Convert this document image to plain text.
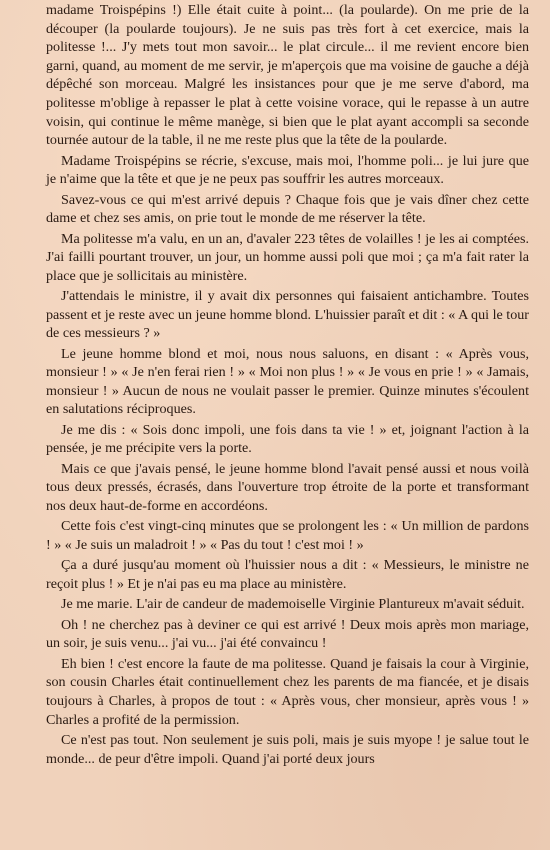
madame Troispépins !) Elle était cuite à point... (la poularde). On me prie de la découper (la poularde toujours). Je ne suis pas très fort à cet exercice, mais la politesse !... J'y mets tout mon savoir... le plat circule... il me revient encore bien garni, quand, au moment de me servir, je m'aperçois que ma voisine de gauche a déjà dépêché son morceau. Malgré les insistances pour que je me serve d'abord, ma politesse m'oblige à repasser le plat à cette voisine vorace, qui le repasse à un autre voisin, qui continue le même manège, si bien que le plat ayant accompli sa seconde tournée autour de la table, il ne me reste plus que la tête de la poularde.

Madame Troispépins se récrie, s'excuse, mais moi, l'homme poli... je lui jure que je n'aime que la tête et que je ne peux pas souffrir les autres morceaux.

Savez-vous ce qui m'est arrivé depuis ? Chaque fois que je vais dîner chez cette dame et chez ses amis, on prie tout le monde de me réserver la tête.

Ma politesse m'a valu, en un an, d'avaler 223 têtes de volailles ! je les ai comptées. J'ai failli pourtant trouver, un jour, un homme aussi poli que moi ; ça m'a fait rater la place que je sollicitais au ministère.

J'attendais le ministre, il y avait dix personnes qui faisaient antichambre. Toutes passent et je reste avec un jeune homme blond. L'huissier paraît et dit : « A qui le tour de ces messieurs ? »

Le jeune homme blond et moi, nous nous saluons, en disant : « Après vous, monsieur ! » « Je n'en ferai rien ! » « Moi non plus ! » « Je vous en prie ! » « Jamais, monsieur ! » Aucun de nous ne voulait passer le premier. Quinze minutes s'écoulent en salutations réciproques.

Je me dis : « Sois donc impoli, une fois dans ta vie ! » et, joignant l'action à la pensée, je me précipite vers la porte.

Mais ce que j'avais pensé, le jeune homme blond l'avait pensé aussi et nous voilà tous deux pressés, écrasés, dans l'ouverture trop étroite de la porte et transformant nos deux haut-de-forme en accordéons.

Cette fois c'est vingt-cinq minutes que se prolongent les : « Un million de pardons ! » « Je suis un maladroit ! » « Pas du tout ! c'est moi ! »

Ça a duré jusqu'au moment où l'huissier nous a dit : « Messieurs, le ministre ne reçoit plus ! » Et je n'ai pas eu ma place au ministère.

Je me marie. L'air de candeur de mademoiselle Virginie Plantureux m'avait séduit.

Oh ! ne cherchez pas à deviner ce qui est arrivé ! Deux mois après mon mariage, un soir, je suis venu... j'ai vu... j'ai été convaincu !

Eh bien ! c'est encore la faute de ma politesse. Quand je faisais la cour à Virginie, son cousin Charles était continuellement chez les parents de ma fiancée, et je disais toujours à Charles, à propos de tout : « Après vous, cher monsieur, après vous ! » Charles a profité de la permission.

Ce n'est pas tout. Non seulement je suis poli, mais je suis myope ! je salue tout le monde... de peur d'être impoli. Quand j'ai porté deux jours
